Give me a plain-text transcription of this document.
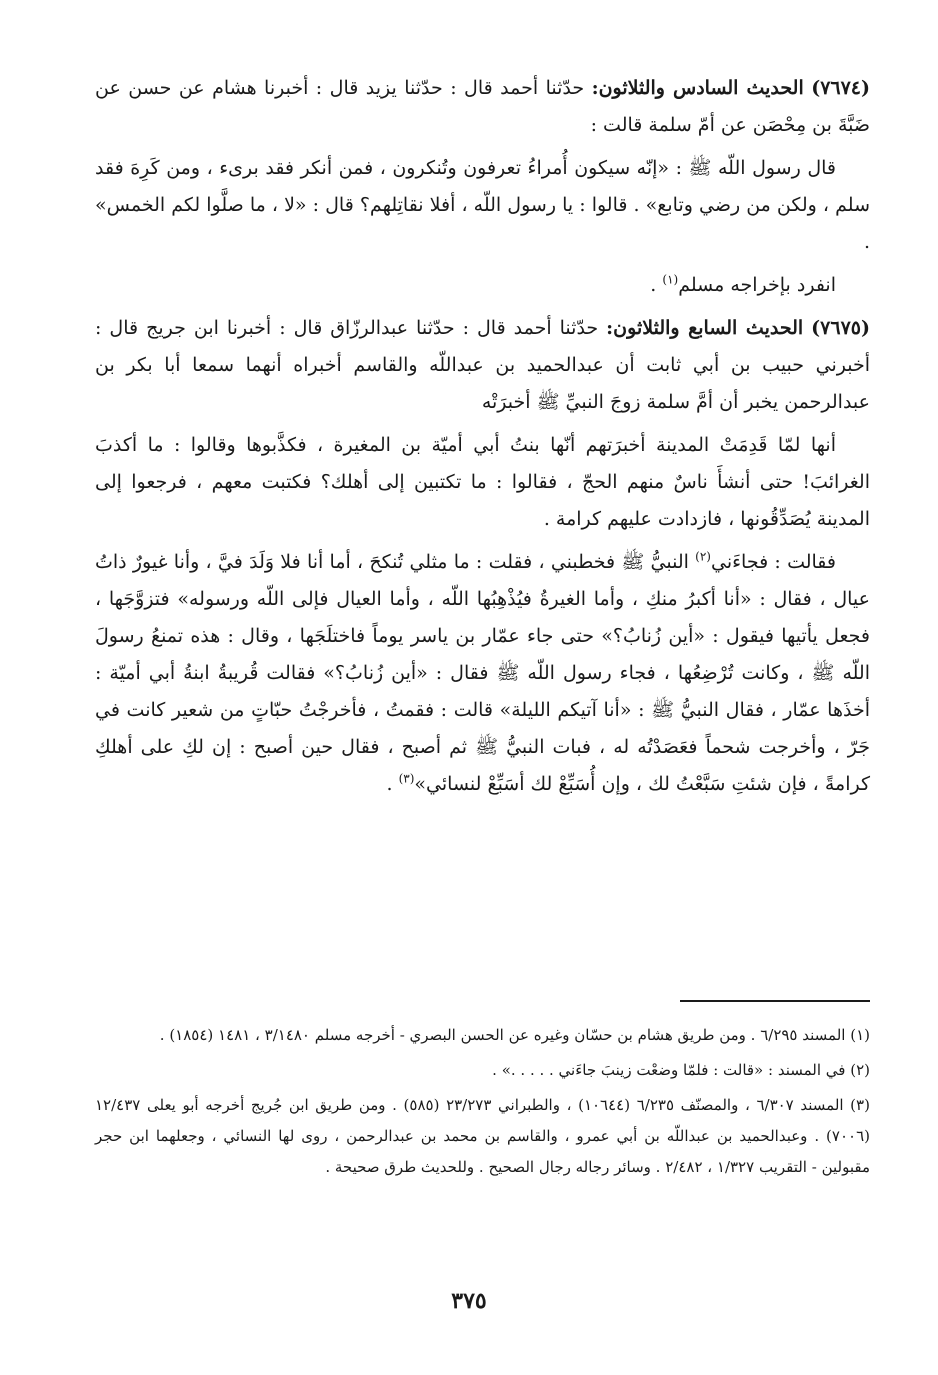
(٧٦٧٤) الحديث السادس والثلاثون: حدّثنا أحمد قال : حدّثنا يزيد قال : أخبرنا هشام عن حسن عن ضَبَّةَ بن مِحْصَن عن أمّ سلمة قالت :

قال رسول اللّه ﷺ : «إنّه سيكون أُمراءُ تعرفون وتُنكرون ، فمن أنكر فقد برىء ، ومن كَرِهَ فقد سلم ، ولكن من رضي وتابع» . قالوا : يا رسول اللّه ، أفلا نقاتِلهم؟ قال : «لا ، ما صلَّوا لكم الخمس» .

انفرد بإخراجه مسلم$^{(١)}$ .

(٧٦٧٥) الحديث السابع والثلاثون: حدّثنا أحمد قال : حدّثنا عبدالرزّاق قال : أخبرنا ابن جريج قال : أخبرني حبيب بن أبي ثابت أن عبدالحميد بن عبداللّه والقاسم أخبراه أنهما سمعا أبا بكر بن عبدالرحمن يخبر أن أمَّ سلمة زوجَ النبيِّ ﷺ أخبرَتْه

أنها لمّا قَدِمَتْ المدينة أخبرَتهم أنّها بنتُ أبي أميّة بن المغيرة ، فكذَّبوها وقالوا : ما أكذبَ الغرائبَ! حتى أنشأَ ناسٌ منهم الحجّ ، فقالوا : ما تكتبين إلى أهلك؟ فكتبت معهم ، فرجعوا إلى المدينة يُصَدِّقُونها ، فازدادت عليهم كرامة .

فقالت : فجاءَني$^{(٢)}$ النبيُّ ﷺ فخطبني ، فقلت : ما مثلي تُنكحَ ، أما أنا فلا وَلَدَ فيَّ ، وأنا غيورٌ ذاتُ عيال ، فقال : «أنا أكبرُ منكِ ، وأما الغيرةُ فيُذْهِبُها اللّه ، وأما العيال فإلى اللّه ورسوله» فتزوَّجَها ، فجعل يأتيها فيقول : «أين زُنابُ؟» حتى جاء عمّار بن ياسر يوماً فاختلَجَها ، وقال : هذه تمنعُ رسولَ اللّه ﷺ ، وكانت تُرْضِعُها ، فجاء رسول اللّه ﷺ فقال : «أين زُنابُ؟» فقالت قُريبةُ ابنةُ أبي أميّة : أخذَها عمّار ، فقال النبيُّ ﷺ : «أنا آتيكم الليلة» قالت : فقمتُ ، فأخرجْتُ حبّاتٍ من شعير كانت في جَرّ ، وأخرجت شحماً فعَصَدْتُه له ، فبات النبيُّ ﷺ ثم أصبح ، فقال حين أصبح : إن لكِ على أهلكِ كرامةً ، فإن شئتِ سَبَّعْتُ لك ، وإن أُسَبِّعْ لك أسَبِّعْ لنسائي»$^{(٣)}$ .

(١) المسند ٦/٢٩٥ . ومن طريق هشام بن حسّان وغيره عن الحسن البصري - أخرجه مسلم ٣/١٤٨٠ ، ١٤٨١ (١٨٥٤) .

(٢) في المسند : «قالت : فلمّا وضعْت زينبَ جاءَني . . . . .» .

(٣) المسند ٦/٣٠٧ ، والمصنّف ٦/٢٣٥ (١٠٦٤٤) ، والطبراني ٢٣/٢٧٣ (٥٨٥) . ومن طريق ابن جُريج أخرجه أبو يعلى ١٢/٤٣٧ (٧٠٠٦) . وعبدالحميد بن عبداللّه بن أبي عمرو ، والقاسم بن محمد بن عبدالرحمن ، روى لها النسائي ، وجعلهما ابن حجر مقبولين - التقريب ١/٣٢٧ ، ٢/٤٨٢ . وسائر رجاله رجال الصحيح . وللحديث طرق صحيحة .

٣٧٥
